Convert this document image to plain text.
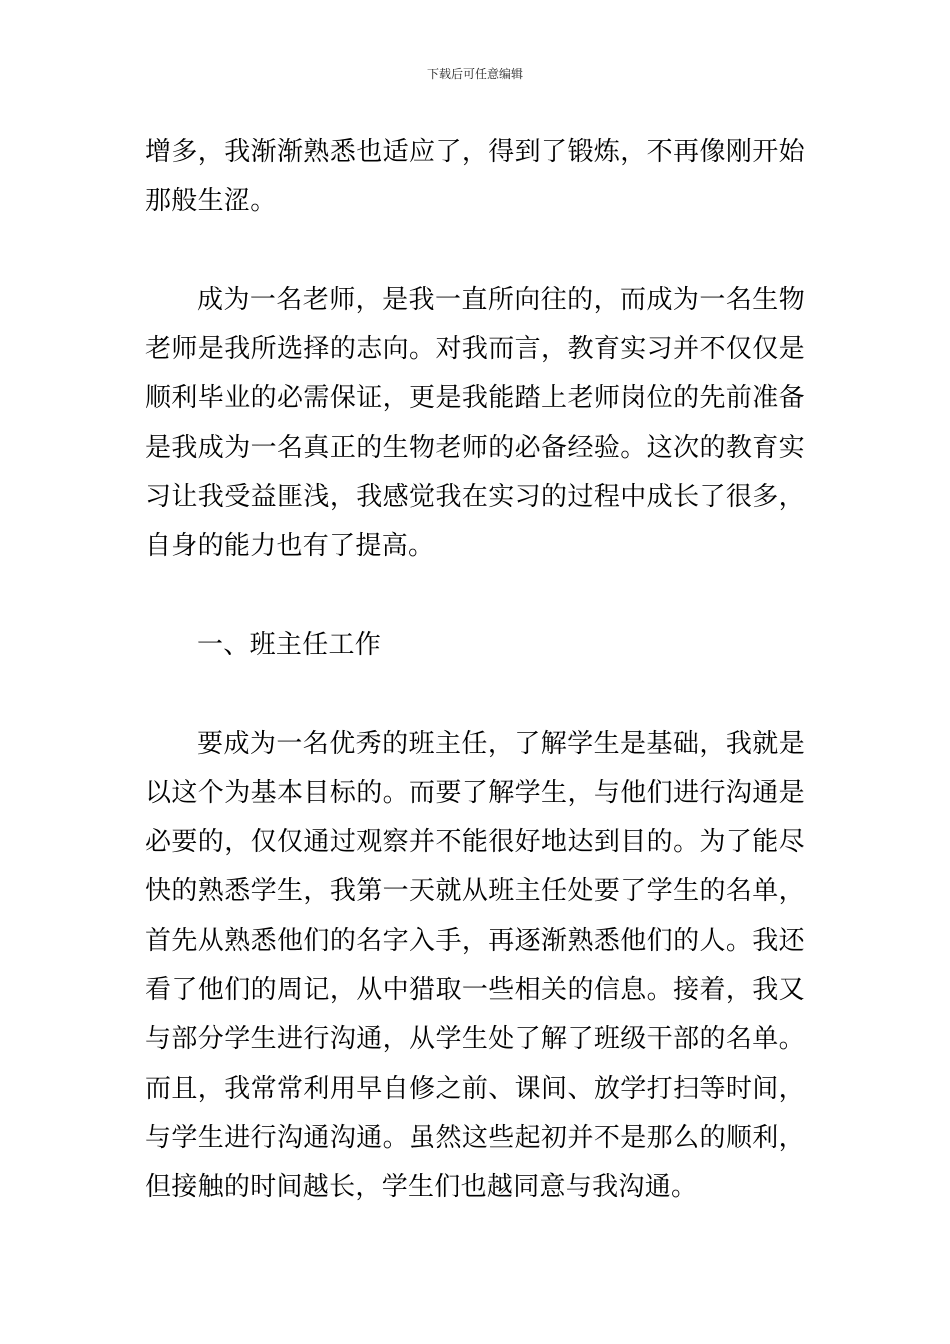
下载后可任意编辑

增多，我渐渐熟悉也适应了，得到了锻炼，不再像刚开始那般生涩。

成为一名老师，是我一直所向往的，而成为一名生物老师是我所选择的志向。对我而言，教育实习并不仅仅是顺利毕业的必需保证，更是我能踏上老师岗位的先前准备是我成为一名真正的生物老师的必备经验。这次的教育实习让我受益匪浅，我感觉我在实习的过程中成长了很多，自身的能力也有了提高。

一、班主任工作

要成为一名优秀的班主任，了解学生是基础，我就是以这个为基本目标的。而要了解学生，与他们进行沟通是必要的，仅仅通过观察并不能很好地达到目的。为了能尽快的熟悉学生，我第一天就从班主任处要了学生的名单，首先从熟悉他们的名字入手，再逐渐熟悉他们的人。我还看了他们的周记，从中猎取一些相关的信息。接着，我又与部分学生进行沟通，从学生处了解了班级干部的名单。而且，我常常利用早自修之前、课间、放学打扫等时间，与学生进行沟通沟通。虽然这些起初并不是那么的顺利，但接触的时间越长，学生们也越同意与我沟通。
